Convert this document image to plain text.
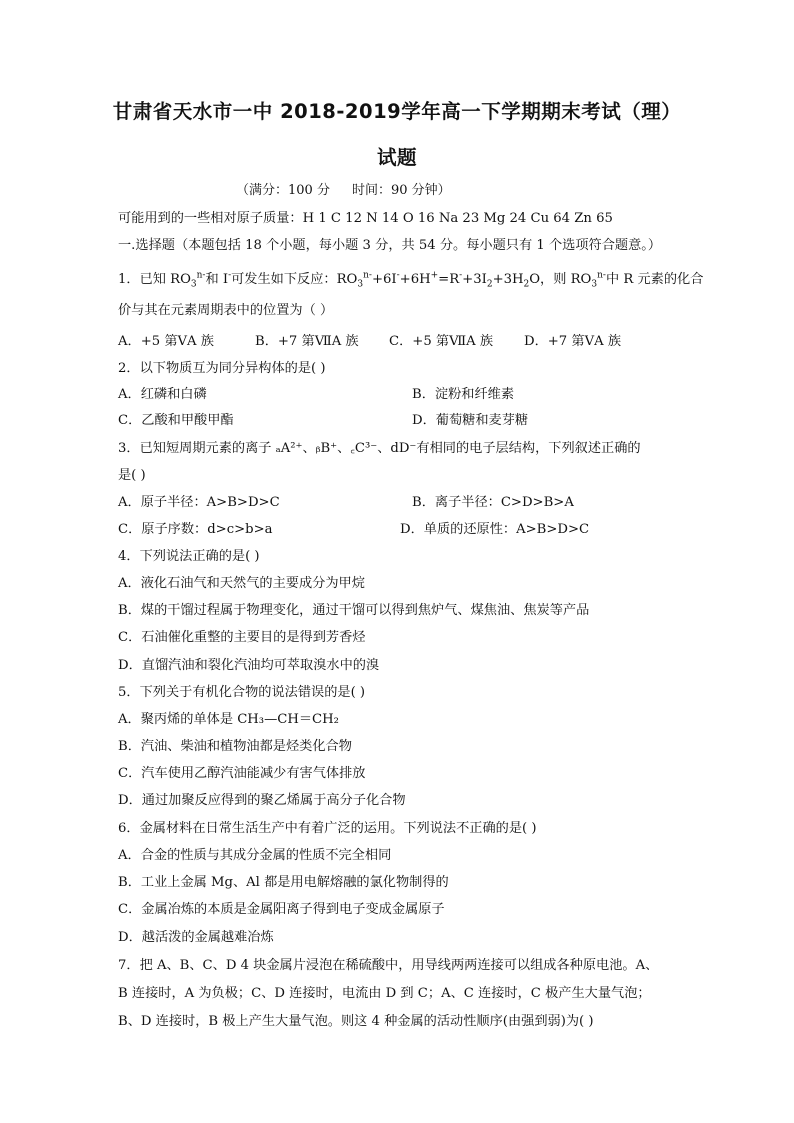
甘肃省天水市一中 2018-2019学年高一下学期期末考试（理）
试题
（满分：100 分 时间：90 分钟）
可能用到的一些相对原子质量：H 1 C 12 N 14 O 16 Na 23 Mg 24 Cu 64 Zn 65
一.选择题（本题包括 18 个小题，每小题 3 分，共 54 分。每小题只有 1 个选项符合题意。）
1．已知 $RO_3^{n-}$和 I-可发生如下反应：$RO_3^{n-}+6I^-+6H^+=R^-+3I_2+3H_2O$，则 $RO_3^{n-}$中 R 元素的化合
价与其在元素周期表中的位置为（ ）
A．+5 第ⅤA 族	B．+7 第ⅦA 族 C．+5 第ⅦA 族 D．+7 第ⅤA 族
2．以下物质互为同分异构体的是( )
A．红磷和白磷	B．淀粉和纤维素
C．乙酸和甲酸甲酯	D．葡萄糖和麦芽糖
3．已知短周期元素的离子 ₐA²⁺、ᵦB⁺、꜀C³⁻、dD⁻有相同的电子层结构，下列叙述正确的
是( )
A．原子半径：A>B>D>C	B．离子半径：C>D>B>A
C．原子序数：d>c>b>a	D．单质的还原性：A>B>D>C
4．下列说法正确的是( )
A．液化石油气和天然气的主要成分为甲烷
B．煤的干馏过程属于物理变化，通过干馏可以得到焦炉气、煤焦油、焦炭等产品
C．石油催化重整的主要目的是得到芳香烃
D．直馏汽油和裂化汽油均可萃取溴水中的溴
5．下列关于有机化合物的说法错误的是( )
A．聚丙烯的单体是 CH₃—CH＝CH₂
B．汽油、柴油和植物油都是烃类化合物
C．汽车使用乙醇汽油能减少有害气体排放
D．通过加聚反应得到的聚乙烯属于高分子化合物
6．金属材料在日常生活生产中有着广泛的运用。下列说法不正确的是( )
A．合金的性质与其成分金属的性质不完全相同
B．工业上金属 Mg、Al 都是用电解熔融的氯化物制得的
C．金属冶炼的本质是金属阳离子得到电子变成金属原子
D．越活泼的金属越难冶炼
7．把 A、B、C、D 4 块金属片浸泡在稀硫酸中，用导线两两连接可以组成各种原电池。A、
B 连接时，A 为负极；C、D 连接时，电流由 D 到 C；A、C 连接时，C 极产生大量气泡；
B、D 连接时，B 极上产生大量气泡。则这 4 种金属的活动性顺序(由强到弱)为( )
